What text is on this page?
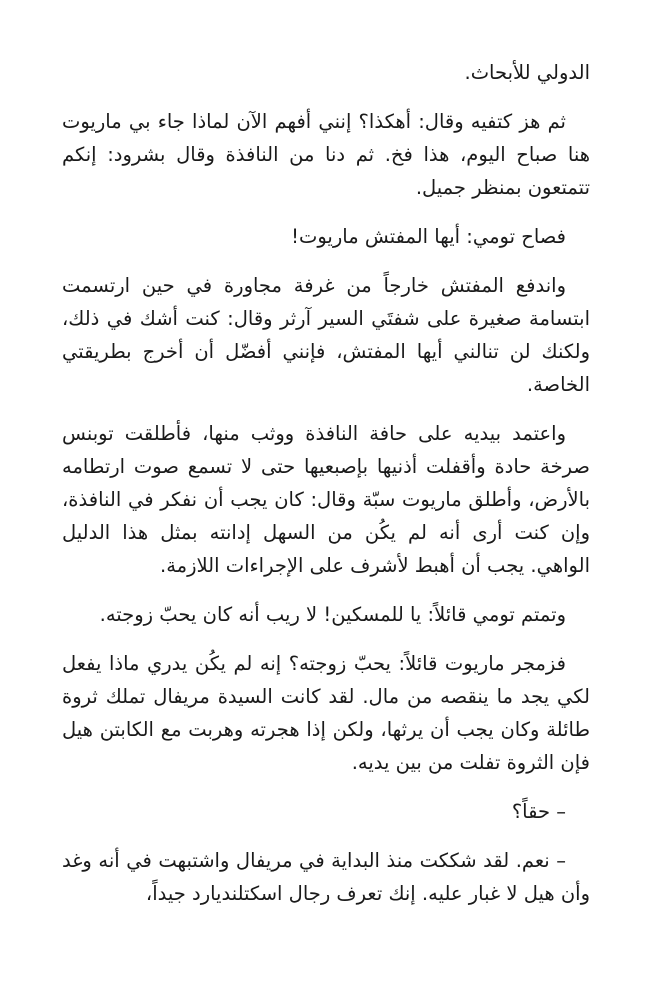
الدولي للأبحاث.

ثم هز كتفيه وقال: أهكذا؟ إنني أفهم الآن لماذا جاء بي ماريوت هنا صباح اليوم، هذا فخ. ثم دنا من النافذة وقال بشرود: إنكم تتمتعون بمنظر جميل.

فصاح تومي: أيها المفتش ماريوت!

واندفع المفتش خارجاً من غرفة مجاورة في حين ارتسمت ابتسامة صغيرة على شفتَي السير آرثر وقال: كنت أشك في ذلك، ولكنك لن تنالني أيها المفتش، فإنني أفضّل أن أخرج بطريقتي الخاصة.

واعتمد بيديه على حافة النافذة ووثب منها، فأطلقت توبنس صرخة حادة وأقفلت أذنيها بإصبعيها حتى لا تسمع صوت ارتطامه بالأرض، وأطلق ماريوت سبّة وقال: كان يجب أن نفكر في النافذة، وإن كنت أرى أنه لم يكُن من السهل إدانته بمثل هذا الدليل الواهي. يجب أن أهبط لأشرف على الإجراءات اللازمة.

وتمتم تومي قائلاً: يا للمسكين! لا ريب أنه كان يحبّ زوجته.

فزمجر ماريوت قائلاً: يحبّ زوجته؟ إنه لم يكُن يدري ماذا يفعل لكي يجد ما ينقصه من مال. لقد كانت السيدة مريفال تملك ثروة طائلة وكان يجب أن يرثها، ولكن إذا هجرته وهربت مع الكابتن هيل فإن الثروة تفلت من بين يديه.

– حقاً؟

– نعم. لقد شككت منذ البداية في مريفال واشتبهت في أنه وغد وأن هيل لا غبار عليه. إنك تعرف رجال اسكتلنديارد جيداً،
